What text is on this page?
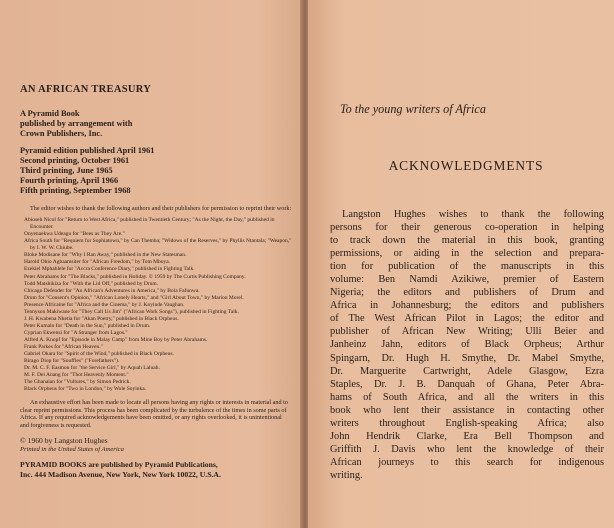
AN AFRICAN TREASURY
A Pyramid Book
published by arrangement with
Crown Publishers, Inc.
Pyramid edition published April 1961
Second printing, October 1961
Third printing, June 1965
Fourth printing, April 1966
Fifth printing, September 1968
The editor wishes to thank the following authors and their publishers for permission to reprint their work:
Abioseh Nicol for "Return to West Africa," published in Twentieth Century; "As the Night, the Day," published in Encounter.
Onyenaekwa Udeagu for "Bees as They Are."
Africa South for "Requiem for Sophiatown," by Can Themba; "Widows of the Reserves," by Phyllis Ntantala; "Weapon," by I. W. W. Chiube.
Bloke Modisane for "Why I Ran Away," published in the New Statesman.
Harold Ohio Agbaamsiter for "African Freedom," by Tom Mboya.
Ezekiel Mphahlele for "Accra Conference Diary," published in Fighting Talk.
Peter Abrahams for "The Blacks," published in Holiday. © 1959 by The Curtis Publishing Company.
Todd Matshikiza for "With the Lid Off," published by Drum.
Chicago Defender for "An African's Adventures in America," by Bola Fafunwa.
Drum for "Consent's Opinion," "African Lonely Hearts," and "Girl About Town," by Marion Morel.
Presence Africaine for "Africa and the Cinema," by J. Koyinde Vaughan.
Tennyson Makiwane for "They Call Us Jim" ("African Work Songs"), published in Fighting Talk.
J. H. Kwabena Nketia for "Akan Poetry," published in Black Orpheus.
Peter Kumalo for "Death in the Sun," published in Drum.
Cyprian Ekwensi for "A Stranger from Lagos."
Alfred A. Knopf for "Episode in Malay Camp" from Mine Boy by Peter Abrahams.
Frank Parkes for "African Heaven."
Gabriel Okara for "Spirit of the Wind," published in Black Orpheus.
Birago Diop for "Souffles" ("Forefathers").
Dr. M. C. F. Easmon for "the Service Girl," by Aquah Laluah.
M. F. Dei Anang for "Thot Heavenly Moment."
The Ghanaian for "Vultures," by Simon Pedrick.
Black Orpheus for "Two in London," by Wole Soyinka.
An exhaustive effort has been made to locate all persons having any rights or interests in material and to clear reprint permissions. This process has been complicated by the turbulence of the times in some parts of Africa. If any required acknowledgements have been omitted, or any rights overlooked, it is unintentional and forgiveness is requested.
© 1960 by Langston Hughes
Printed in the United States of America
PYRAMID BOOKS are published by Pyramid Publications,
Inc. 444 Madison Avenue, New York, New York 10022, U.S.A.
To the young writers of Africa
ACKNOWLEDGMENTS
Langston Hughes wishes to thank the following
persons for their generous co-operation in helping
to track down the material in this book, granting
permissions, or aiding in the selection and prepara-
tion for publication of the manuscripts in this
volume: Ben Namdi Azikiwe, premier of Eastern
Nigeria; the editors and publishers of Drum and
Africa in Johannesburg; the editors and publishers
of The West African Pilot in Lagos; the editor and
publisher of African New Writing; Ulli Beier and
Janheinz Jahn, editors of Black Orpheus; Arthur
Spingarn, Dr. Hugh H. Smythe, Dr. Mabel Smythe,
Dr. Marguerite Cartwright, Adele Glasgow, Ezra
Staples, Dr. J. B. Danquah of Ghana, Peter Abra-
hams of South Africa, and all the writers in this
book who lent their assistance in contacting other
writers throughout English-speaking Africa; also
John Hendrik Clarke, Era Bell Thompson and
Griffith J. Davis who lent the knowledge of their
African journeys to this search for indigenous
writing.
